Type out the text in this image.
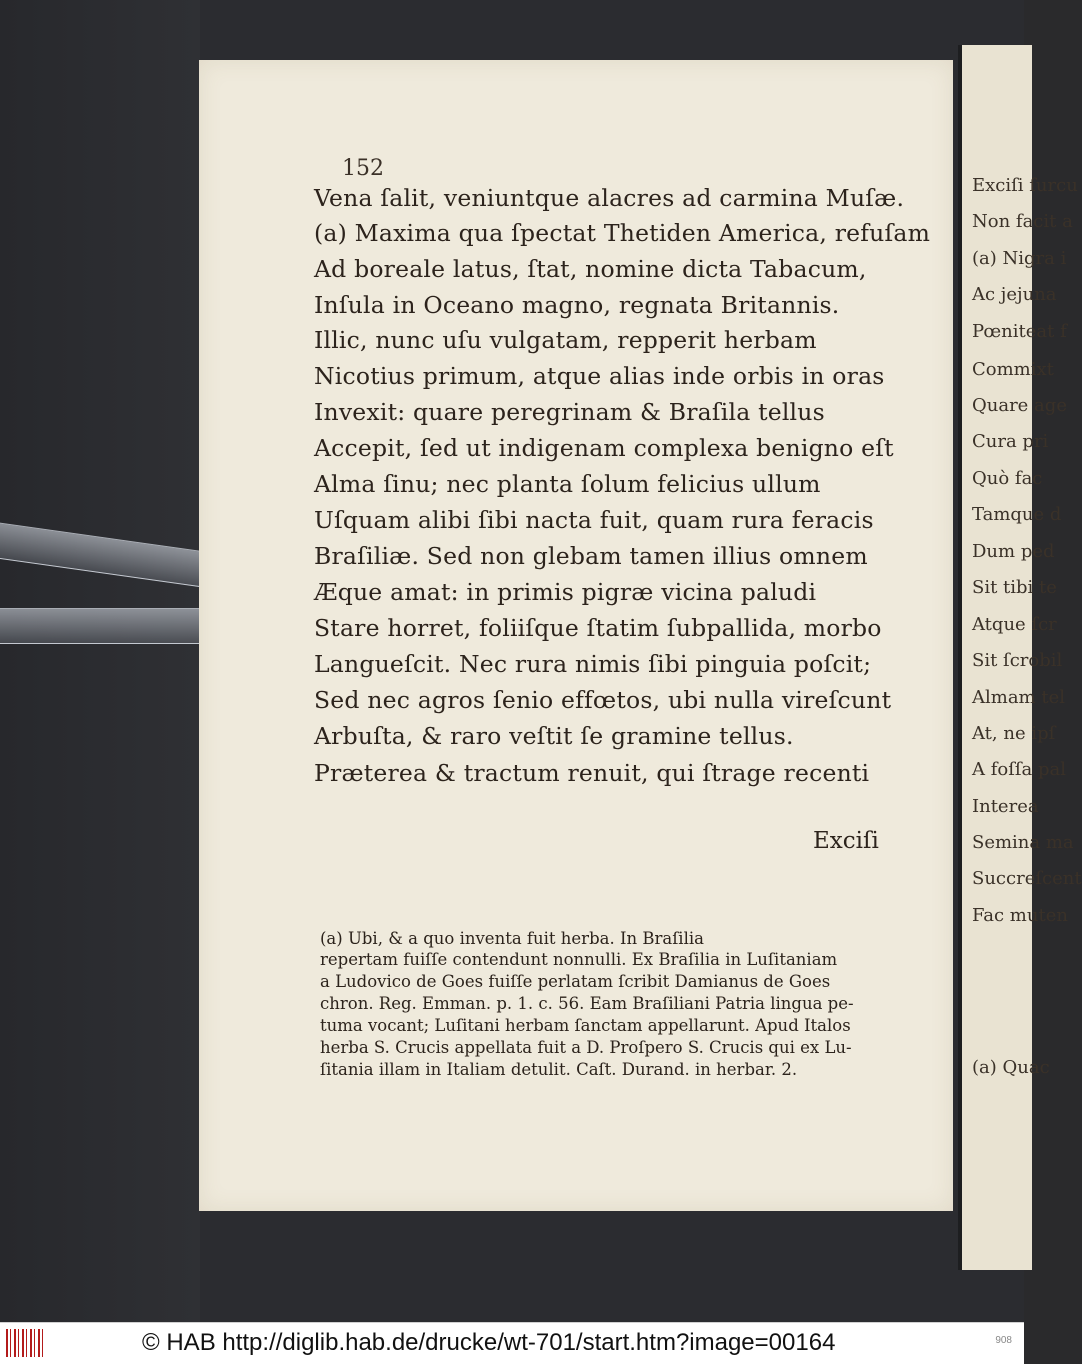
152
Vena ſalit, veniuntque alacres ad carmina Muſæ.
(a) Maxima qua ſpectat Thetiden America, refuſam
Ad boreale latus, ſtat, nomine dicta Tabacum,
Inſula in Oceano magno, regnata Britannis.
Illic, nunc uſu vulgatam, repperit herbam
Nicotius primum, atque alias inde orbis in oras
Invexit: quare peregrinam & Braſila tellus
Accepit, ſed ut indigenam complexa benigno eſt
Alma ſinu; nec planta ſolum felicius ullum
Uſquam alibi ſibi nacta fuit, quam rura feracis
Braſiliæ. Sed non glebam tamen illius omnem
Æque amat: in primis pigræ vicina paludi
Stare horret, foliiſque ſtatim ſubpallida, morbo
Langueſcit. Nec rura nimis ſibi pinguia poſcit;
Sed nec agros ſenio effœtos, ubi nulla vireſcunt
Arbuſta, & raro veſtit ſe gramine tellus.
Præterea & tractum renuit, qui ſtrage recenti
Exciſi
(a) Ubi, & a quo inventa fuit herba. In Braſilia
repertam fuiſſe contendunt nonnulli. Ex Braſilia in Luſitaniam
a Ludovico de Goes fuiſſe perlatam ſcribit Damianus de Goes
chron. Reg. Emman. p. 1. c. 56. Eam Braſiliani Patria lingua pe-
tuma vocant; Luſitani herbam ſanctam appellarunt. Apud Italos
herba S. Crucis appellata fuit a D. Proſpero S. Crucis qui ex Lu-
ſitania illam in Italiam detulit. Caſt. Durand. in herbar. 2.
Exciſi ſurcu
Non facit a
(a) Nigra i
Ac jejuna
Pœniteat f
Commixt
Quare age
Cura pri
Quò fac
Tamque d
Dum ped
Sit tibi te
Atque ſcr
Sit ſcrobil
Almam tel
At, ne ipſ
A foſſa pal
Interea
Semina ma
Succreſcent
Fac muten
(a) Quac
© HAB http://diglib.hab.de/drucke/wt-701/start.htm?image=00164	908
